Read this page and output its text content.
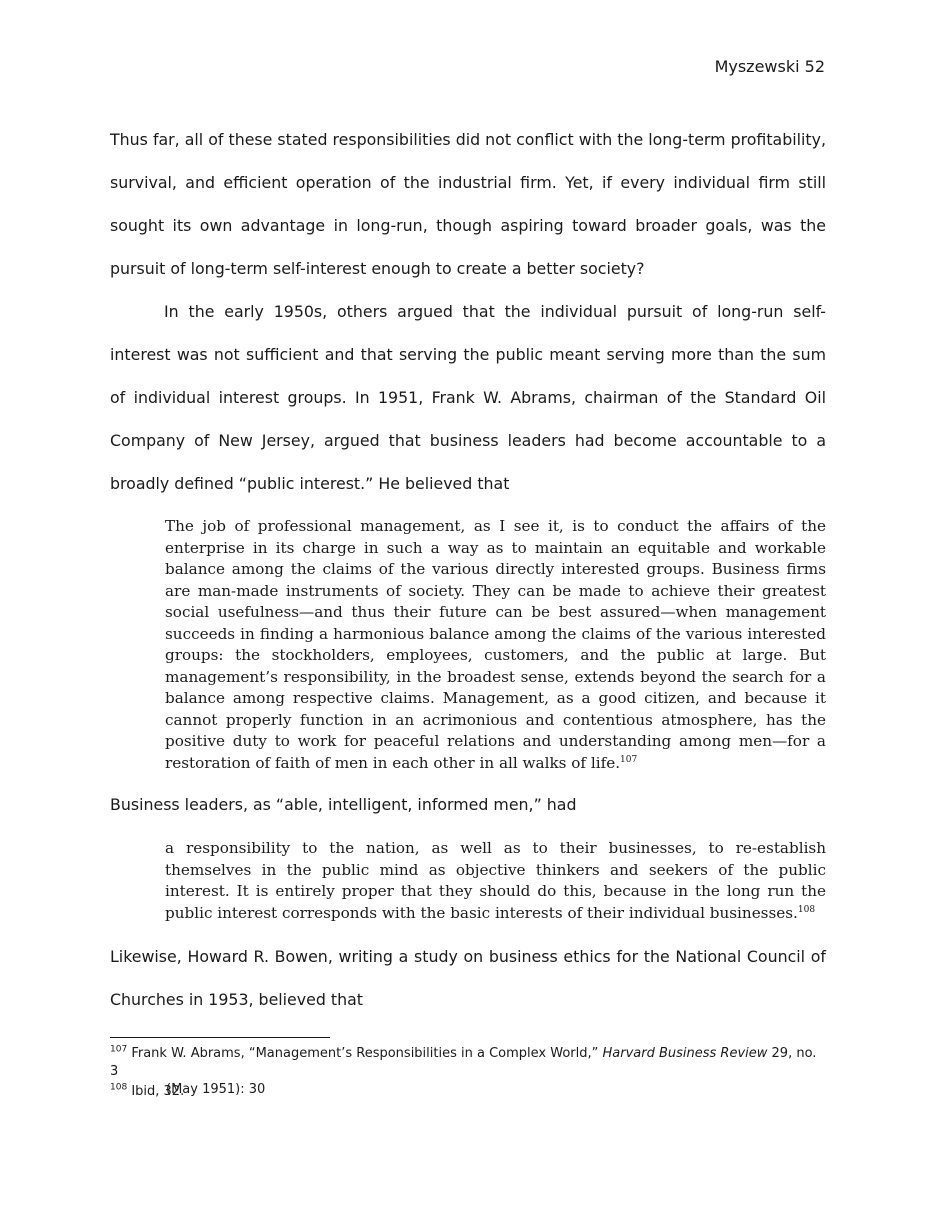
Myszewski 52

Thus far, all of these stated responsibilities did not conflict with the long-term profitability, survival, and efficient operation of the industrial firm. Yet, if every individual firm still sought its own advantage in long-run, though aspiring toward broader goals, was the pursuit of long-term self-interest enough to create a better society?

In the early 1950s, others argued that the individual pursuit of long-run self-interest was not sufficient and that serving the public meant serving more than the sum of individual interest groups. In 1951, Frank W. Abrams, chairman of the Standard Oil Company of New Jersey, argued that business leaders had become accountable to a broadly defined “public interest.” He believed that

The job of professional management, as I see it, is to conduct the affairs of the enterprise in its charge in such a way as to maintain an equitable and workable balance among the claims of the various directly interested groups. Business firms are man-made instruments of society. They can be made to achieve their greatest social usefulness—and thus their future can be best assured—when management succeeds in finding a harmonious balance among the claims of the various interested groups: the stockholders, employees, customers, and the public at large. But management’s responsibility, in the broadest sense, extends beyond the search for a balance among respective claims. Management, as a good citizen, and because it cannot properly function in an acrimonious and contentious atmosphere, has the positive duty to work for peaceful relations and understanding among men—for a restoration of faith of men in each other in all walks of life.$^{107}$

Business leaders, as “able, intelligent, informed men,” had

a responsibility to the nation, as well as to their businesses, to re-establish themselves in the public mind as objective thinkers and seekers of the public interest. It is entirely proper that they should do this, because in the long run the public interest corresponds with the basic interests of their individual businesses.$^{108}$

Likewise, Howard R. Bowen, writing a study on business ethics for the National Council of Churches in 1953, believed that

$^{107}$ Frank W. Abrams, “Management’s Responsibilities in a Complex World,” Harvard Business Review 29, no. 3
(May 1951): 30
$^{108}$ Ibid, 32.
